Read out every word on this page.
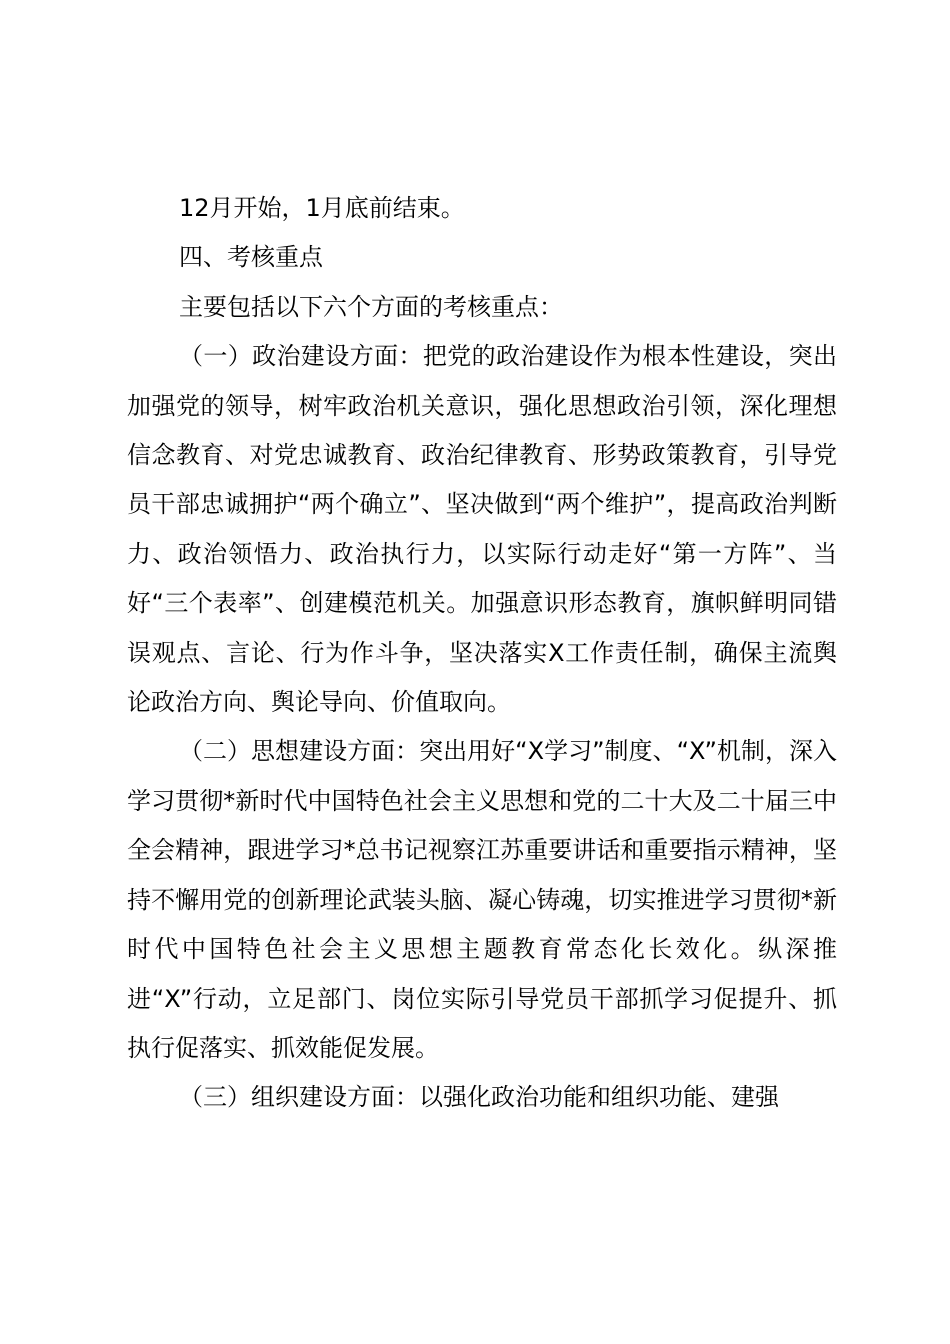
12月开始，1月底前结束。

四、考核重点

主要包括以下六个方面的考核重点：

（一）政治建设方面：把党的政治建设作为根本性建设，突出加强党的领导，树牢政治机关意识，强化思想政治引领，深化理想信念教育、对党忠诚教育、政治纪律教育、形势政策教育，引导党员干部忠诚拥护“两个确立”、坚决做到“两个维护”，提高政治判断力、政治领悟力、政治执行力，以实际行动走好“第一方阵”、当好“三个表率”、创建模范机关。加强意识形态教育，旗帜鲜明同错误观点、言论、行为作斗争，坚决落实X工作责任制，确保主流舆论政治方向、舆论导向、价值取向。

（二）思想建设方面：突出用好“X学习”制度、“X”机制，深入学习贯彻*新时代中国特色社会主义思想和党的二十大及二十届三中全会精神，跟进学习*总书记视察江苏重要讲话和重要指示精神，坚持不懈用党的创新理论武装头脑、凝心铸魂，切实推进学习贯彻*新时代中国特色社会主义思想主题教育常态化长效化。纵深推进“X”行动，立足部门、岗位实际引导党员干部抓学习促提升、抓执行促落实、抓效能促发展。

（三）组织建设方面：以强化政治功能和组织功能、建强
